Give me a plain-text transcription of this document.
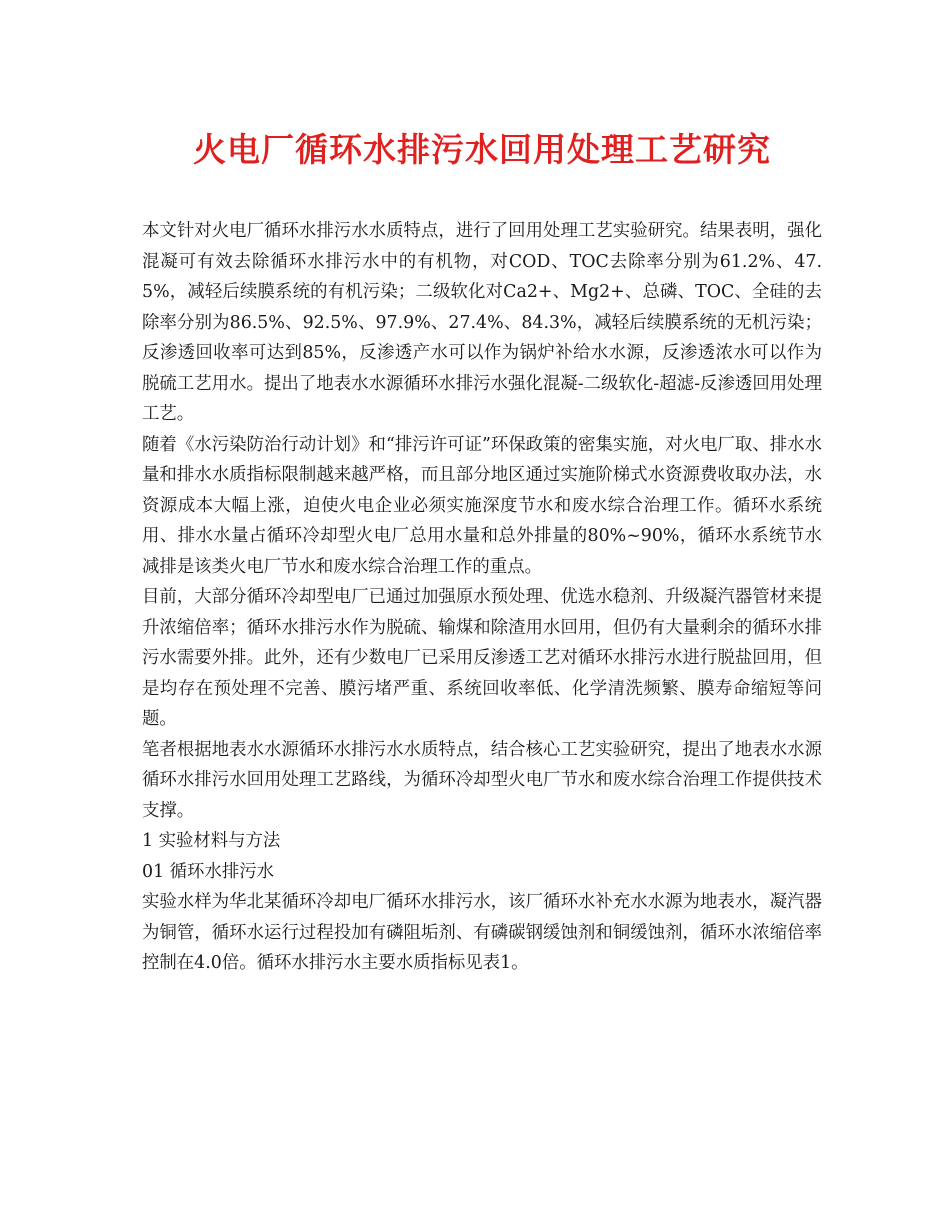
火电厂循环水排污水回用处理工艺研究

本文针对火电厂循环水排污水水质特点，进行了回用处理工艺实验研究。结果表明，强化混凝可有效去除循环水排污水中的有机物，对COD、TOC去除率分别为61.2%、47.5%，减轻后续膜系统的有机污染；二级软化对Ca2+、Mg2+、总磷、TOC、全硅的去除率分别为86.5%、92.5%、97.9%、27.4%、84.3%，减轻后续膜系统的无机污染；反渗透回收率可达到85%，反渗透产水可以作为锅炉补给水水源，反渗透浓水可以作为脱硫工艺用水。提出了地表水水源循环水排污水强化混凝-二级软化-超滤-反渗透回用处理工艺。

随着《水污染防治行动计划》和“排污许可证”环保政策的密集实施，对火电厂取、排水水量和排水水质指标限制越来越严格，而且部分地区通过实施阶梯式水资源费收取办法，水资源成本大幅上涨，迫使火电企业必须实施深度节水和废水综合治理工作。循环水系统用、排水水量占循环冷却型火电厂总用水量和总外排量的80%~90%，循环水系统节水减排是该类火电厂节水和废水综合治理工作的重点。

目前，大部分循环冷却型电厂已通过加强原水预处理、优选水稳剂、升级凝汽器管材来提升浓缩倍率；循环水排污水作为脱硫、输煤和除渣用水回用，但仍有大量剩余的循环水排污水需要外排。此外，还有少数电厂已采用反渗透工艺对循环水排污水进行脱盐回用，但是均存在预处理不完善、膜污堵严重、系统回收率低、化学清洗频繁、膜寿命缩短等问题。

笔者根据地表水水源循环水排污水水质特点，结合核心工艺实验研究，提出了地表水水源循环水排污水回用处理工艺路线，为循环冷却型火电厂节水和废水综合治理工作提供技术支撑。

1 实验材料与方法

01 循环水排污水

实验水样为华北某循环冷却电厂循环水排污水，该厂循环水补充水水源为地表水，凝汽器为铜管，循环水运行过程投加有磷阻垢剂、有磷碳钢缓蚀剂和铜缓蚀剂，循环水浓缩倍率控制在4.0倍。循环水排污水主要水质指标见表1。
